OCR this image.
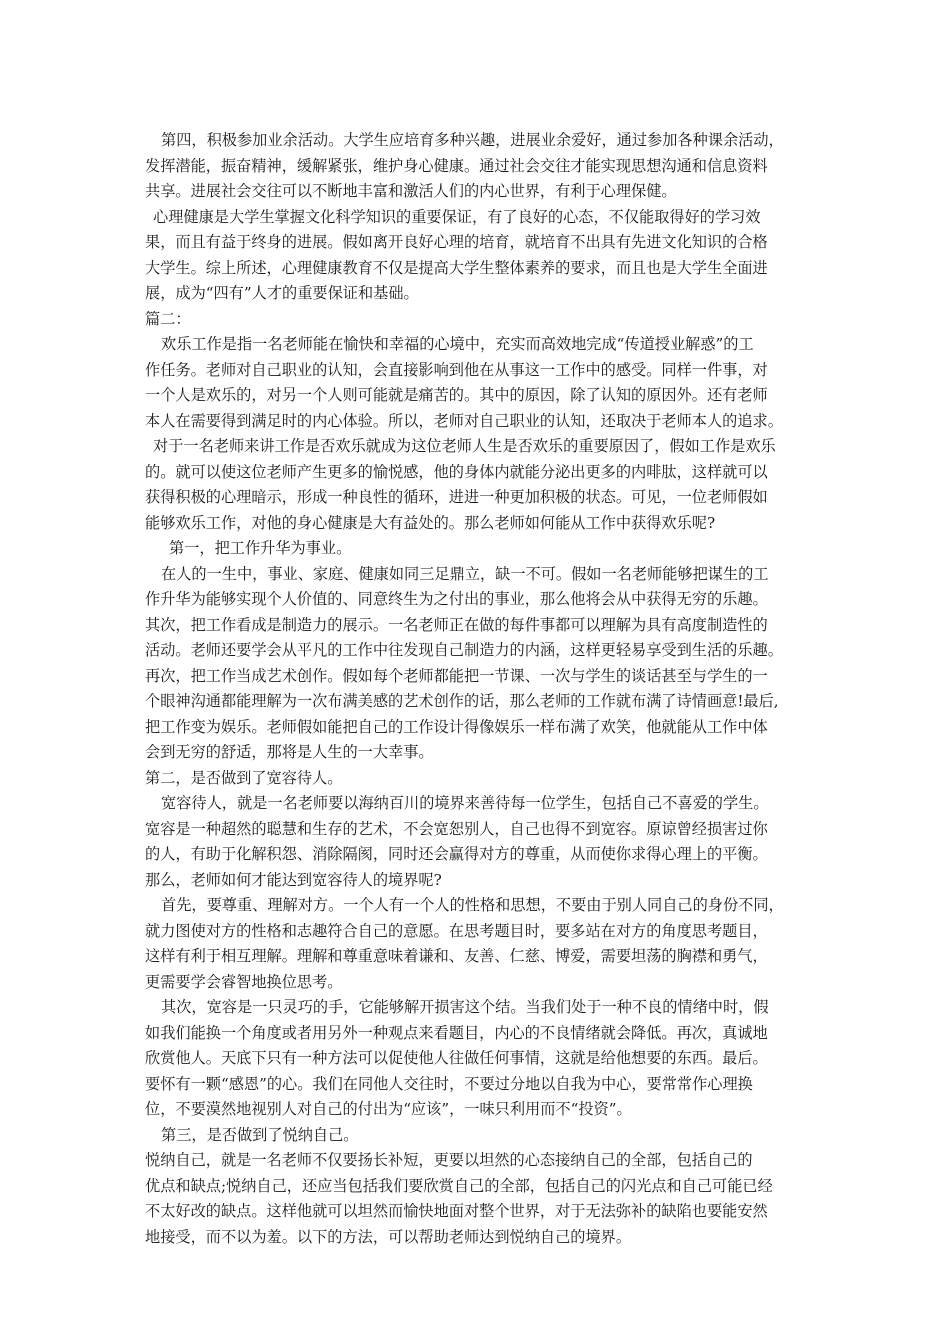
第四，积极参加业余活动。大学生应培育多种兴趣，进展业余爱好，通过参加各种课余活动，
发挥潜能，振奋精神，缓解紧张，维护身心健康。通过社会交往才能实现思想沟通和信息资料
共享。进展社会交往可以不断地丰富和激活人们的内心世界，有利于心理保健。
心理健康是大学生掌握文化科学知识的重要保证，有了良好的心态，不仅能取得好的学习效
果，而且有益于终身的进展。假如离开良好心理的培育，就培育不出具有先进文化知识的合格
大学生。综上所述，心理健康教育不仅是提高大学生整体素养的要求，而且也是大学生全面进
展，成为“四有”人才的重要保证和基础。
篇二：
欢乐工作是指一名老师能在愉快和幸福的心境中，充实而高效地完成“传道授业解惑”的工
作任务。老师对自己职业的认知，会直接影响到他在从事这一工作中的感受。同样一件事，对
一个人是欢乐的，对另一个人则可能就是痛苦的。其中的原因，除了认知的原因外。还有老师
本人在需要得到满足时的内心体验。所以，老师对自己职业的认知，还取决于老师本人的追求。
对于一名老师来讲工作是否欢乐就成为这位老师人生是否欢乐的重要原因了，假如工作是欢乐
的。就可以使这位老师产生更多的愉悦感，他的身体内就能分泌出更多的内啡肽，这样就可以
获得积极的心理暗示，形成一种良性的循环，进进一种更加积极的状态。可见，一位老师假如
能够欢乐工作，对他的身心健康是大有益处的。那么老师如何能从工作中获得欢乐呢?
第一，把工作升华为事业。
在人的一生中，事业、家庭、健康如同三足鼎立，缺一不可。假如一名老师能够把谋生的工
作升华为能够实现个人价值的、同意终生为之付出的事业，那么他将会从中获得无穷的乐趣。
其次，把工作看成是制造力的展示。一名老师正在做的每件事都可以理解为具有高度制造性的
活动。老师还要学会从平凡的工作中往发现自己制造力的内涵，这样更轻易享受到生活的乐趣。
再次，把工作当成艺术创作。假如每个老师都能把一节课、一次与学生的谈话甚至与学生的一
个眼神沟通都能理解为一次布满美感的艺术创作的话，那么老师的工作就布满了诗情画意!最后,
把工作变为娱乐。老师假如能把自己的工作设计得像娱乐一样布满了欢笑，他就能从工作中体
会到无穷的舒适，那将是人生的一大幸事。
第二，是否做到了宽容待人。
宽容待人，就是一名老师要以海纳百川的境界来善待每一位学生，包括自己不喜爱的学生。
宽容是一种超然的聪慧和生存的艺术，不会宽恕别人，自己也得不到宽容。原谅曾经损害过你
的人，有助于化解积怨、消除隔阂，同时还会赢得对方的尊重，从而使你求得心理上的平衡。
那么，老师如何才能达到宽容待人的境界呢?
首先，要尊重、理解对方。一个人有一个人的性格和思想，不要由于别人同自己的身份不同，
就力图使对方的性格和志趣符合自己的意愿。在思考题目时，要多站在对方的角度思考题目，
这样有利于相互理解。理解和尊重意味着谦和、友善、仁慈、博爱，需要坦荡的胸襟和勇气，
更需要学会睿智地换位思考。
其次，宽容是一只灵巧的手，它能够解开损害这个结。当我们处于一种不良的情绪中时，假
如我们能换一个角度或者用另外一种观点来看题目，内心的不良情绪就会降低。再次，真诚地
欣赏他人。天底下只有一种方法可以促使他人往做任何事情，这就是给他想要的东西。最后。
要怀有一颗“感恩”的心。我们在同他人交往时，不要过分地以自我为中心，要常常作心理换
位，不要漠然地视别人对自己的付出为“应该”，一味只利用而不“投资”。
第三，是否做到了悦纳自己。
悦纳自己，就是一名老师不仅要扬长补短，更要以坦然的心态接纳自己的全部，包括自己的
优点和缺点;悦纳自己，还应当包括我们要欣赏自己的全部，包括自己的闪光点和自己可能已经
不太好改的缺点。这样他就可以坦然而愉快地面对整个世界，对于无法弥补的缺陷也要能安然
地接受，而不以为羞。以下的方法，可以帮助老师达到悦纳自己的境界。
